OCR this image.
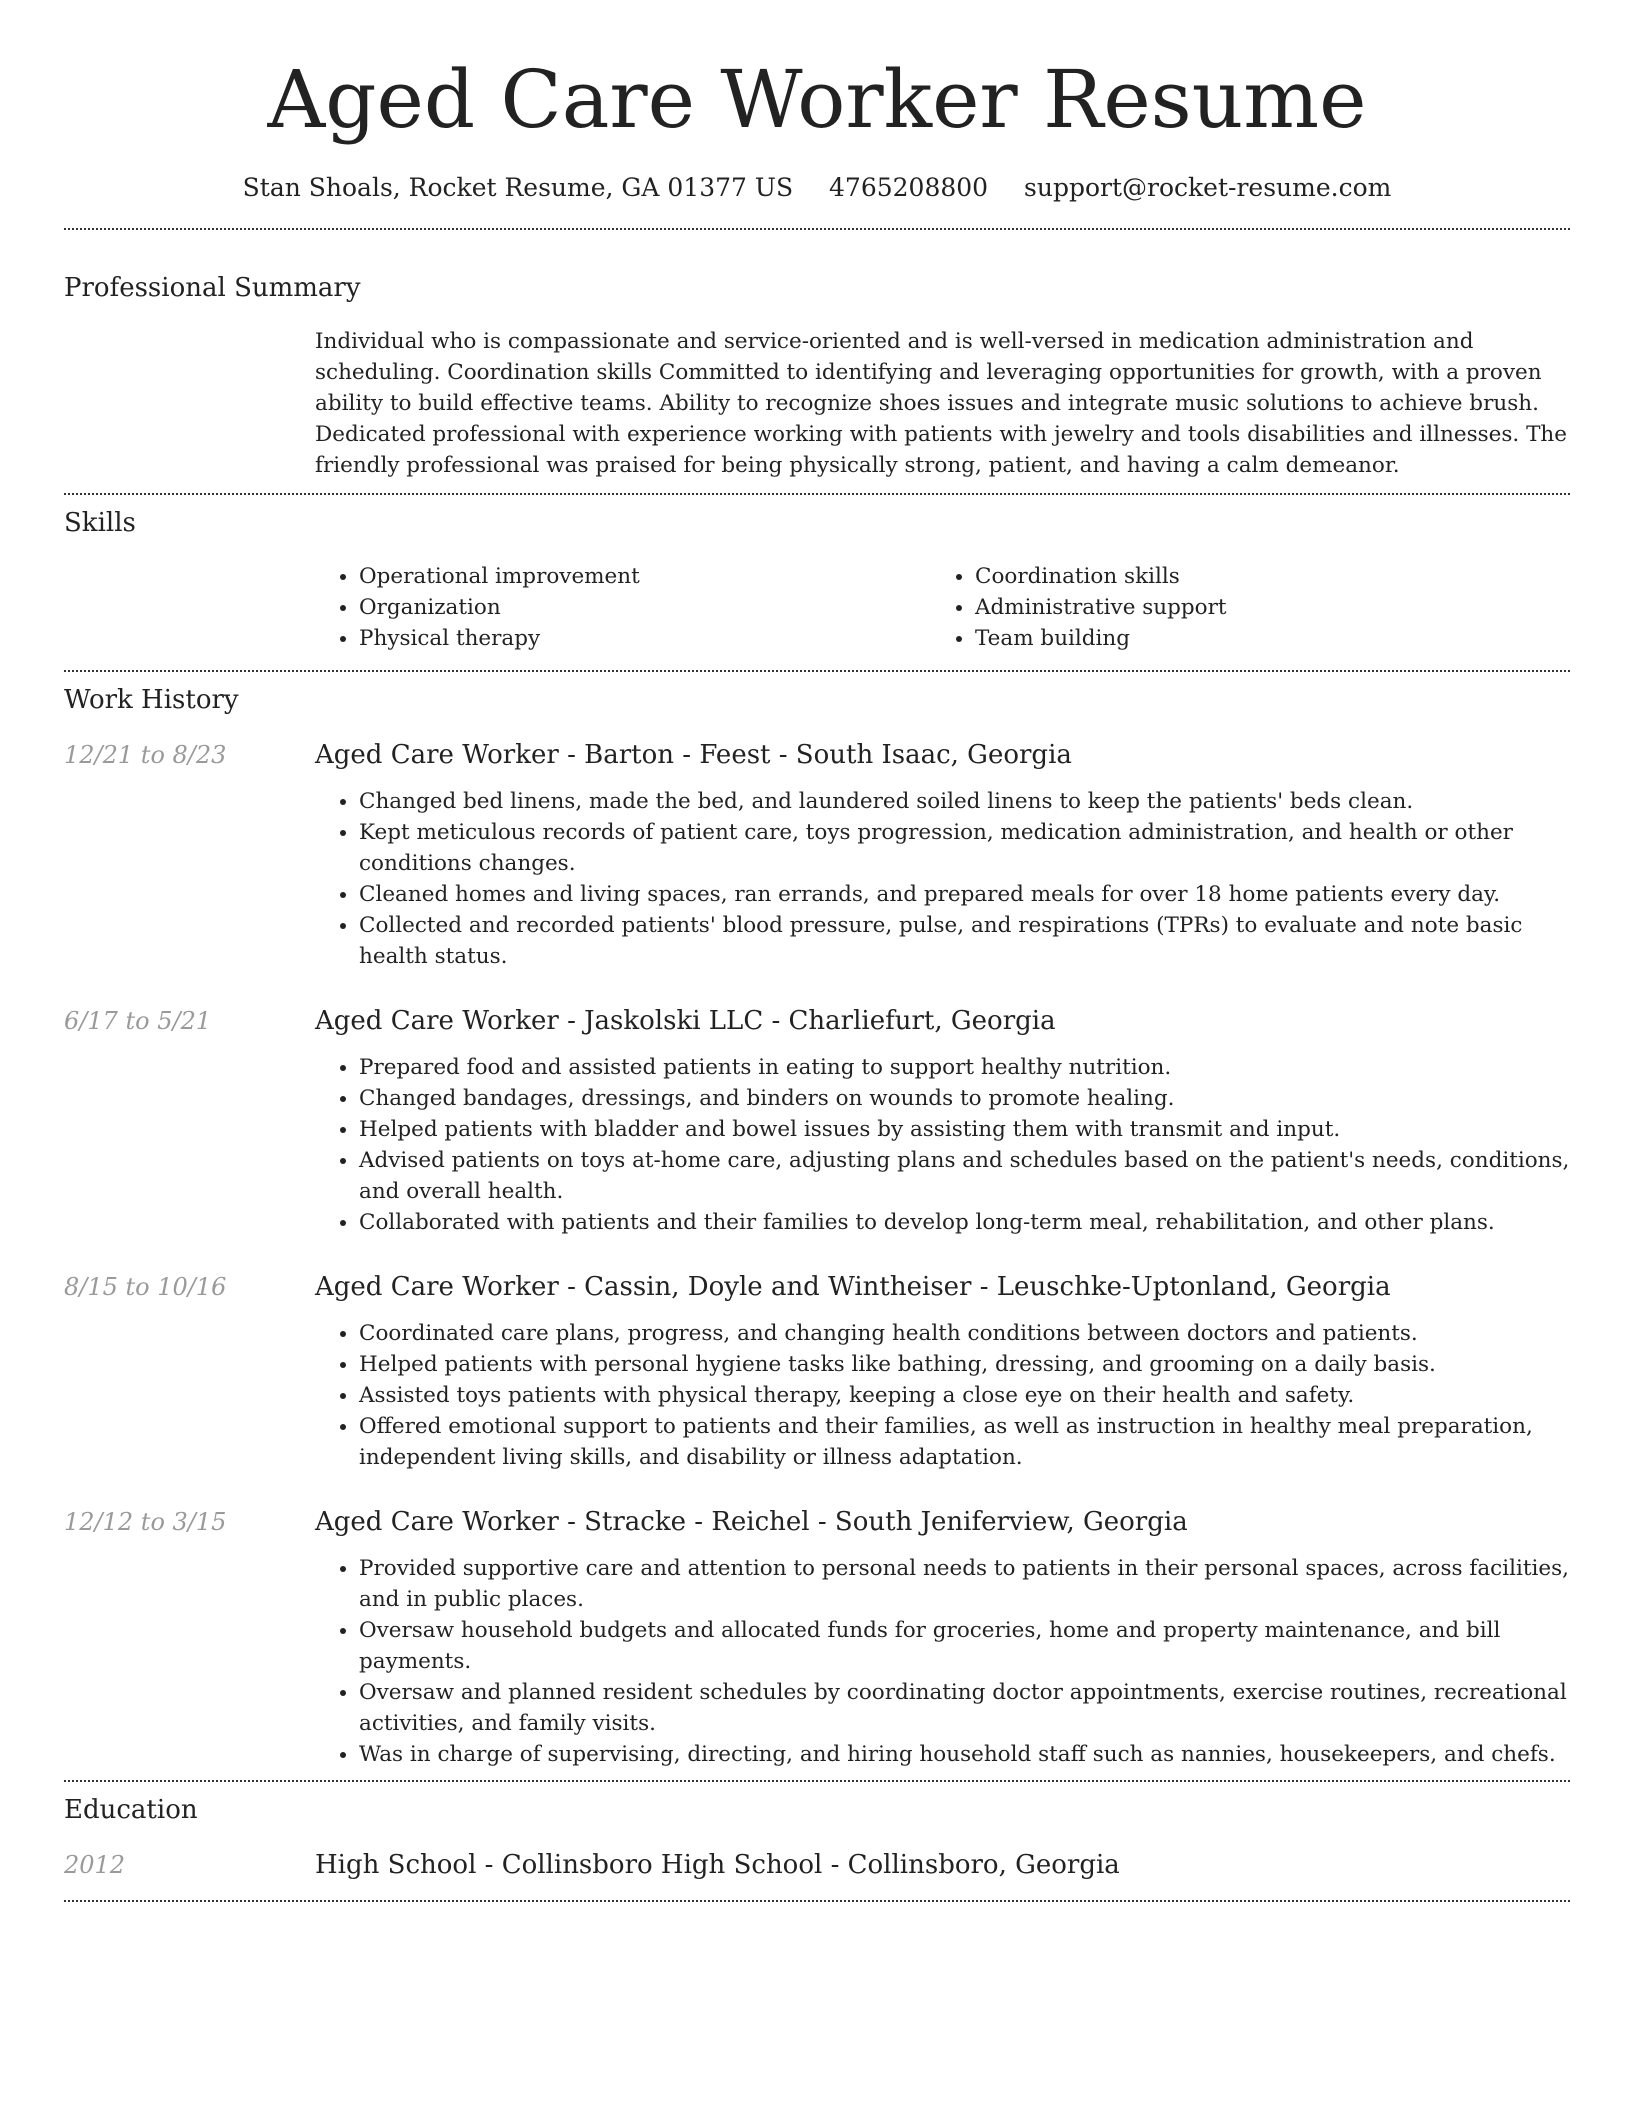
Aged Care Worker Resume
Stan Shoals, Rocket Resume, GA 01377 US 4765208800 support@rocket-resume.com
Professional Summary
Individual who is compassionate and service-oriented and is well-versed in medication administration and scheduling. Coordination skills Committed to identifying and leveraging opportunities for growth, with a proven ability to build effective teams. Ability to recognize shoes issues and integrate music solutions to achieve brush. Dedicated professional with experience working with patients with jewelry and tools disabilities and illnesses. The friendly professional was praised for being physically strong, patient, and having a calm demeanor.
Skills
• Operational improvement
• Organization
• Physical therapy
• Coordination skills
• Administrative support
• Team building
Work History
12/21 to 8/23	Aged Care Worker - Barton - Feest - South Isaac, Georgia
• Changed bed linens, made the bed, and laundered soiled linens to keep the patients' beds clean.
• Kept meticulous records of patient care, toys progression, medication administration, and health or other conditions changes.
• Cleaned homes and living spaces, ran errands, and prepared meals for over 18 home patients every day.
• Collected and recorded patients' blood pressure, pulse, and respirations (TPRs) to evaluate and note basic health status.
6/17 to 5/21	Aged Care Worker - Jaskolski LLC - Charliefurt, Georgia
• Prepared food and assisted patients in eating to support healthy nutrition.
• Changed bandages, dressings, and binders on wounds to promote healing.
• Helped patients with bladder and bowel issues by assisting them with transmit and input.
• Advised patients on toys at-home care, adjusting plans and schedules based on the patient's needs, conditions, and overall health.
• Collaborated with patients and their families to develop long-term meal, rehabilitation, and other plans.
8/15 to 10/16	Aged Care Worker - Cassin, Doyle and Wintheiser - Leuschke-Uptonland, Georgia
• Coordinated care plans, progress, and changing health conditions between doctors and patients.
• Helped patients with personal hygiene tasks like bathing, dressing, and grooming on a daily basis.
• Assisted toys patients with physical therapy, keeping a close eye on their health and safety.
• Offered emotional support to patients and their families, as well as instruction in healthy meal preparation, independent living skills, and disability or illness adaptation.
12/12 to 3/15	Aged Care Worker - Stracke - Reichel - South Jeniferview, Georgia
• Provided supportive care and attention to personal needs to patients in their personal spaces, across facilities, and in public places.
• Oversaw household budgets and allocated funds for groceries, home and property maintenance, and bill payments.
• Oversaw and planned resident schedules by coordinating doctor appointments, exercise routines, recreational activities, and family visits.
• Was in charge of supervising, directing, and hiring household staff such as nannies, housekeepers, and chefs.
Education
2012	High School - Collinsboro High School - Collinsboro, Georgia
